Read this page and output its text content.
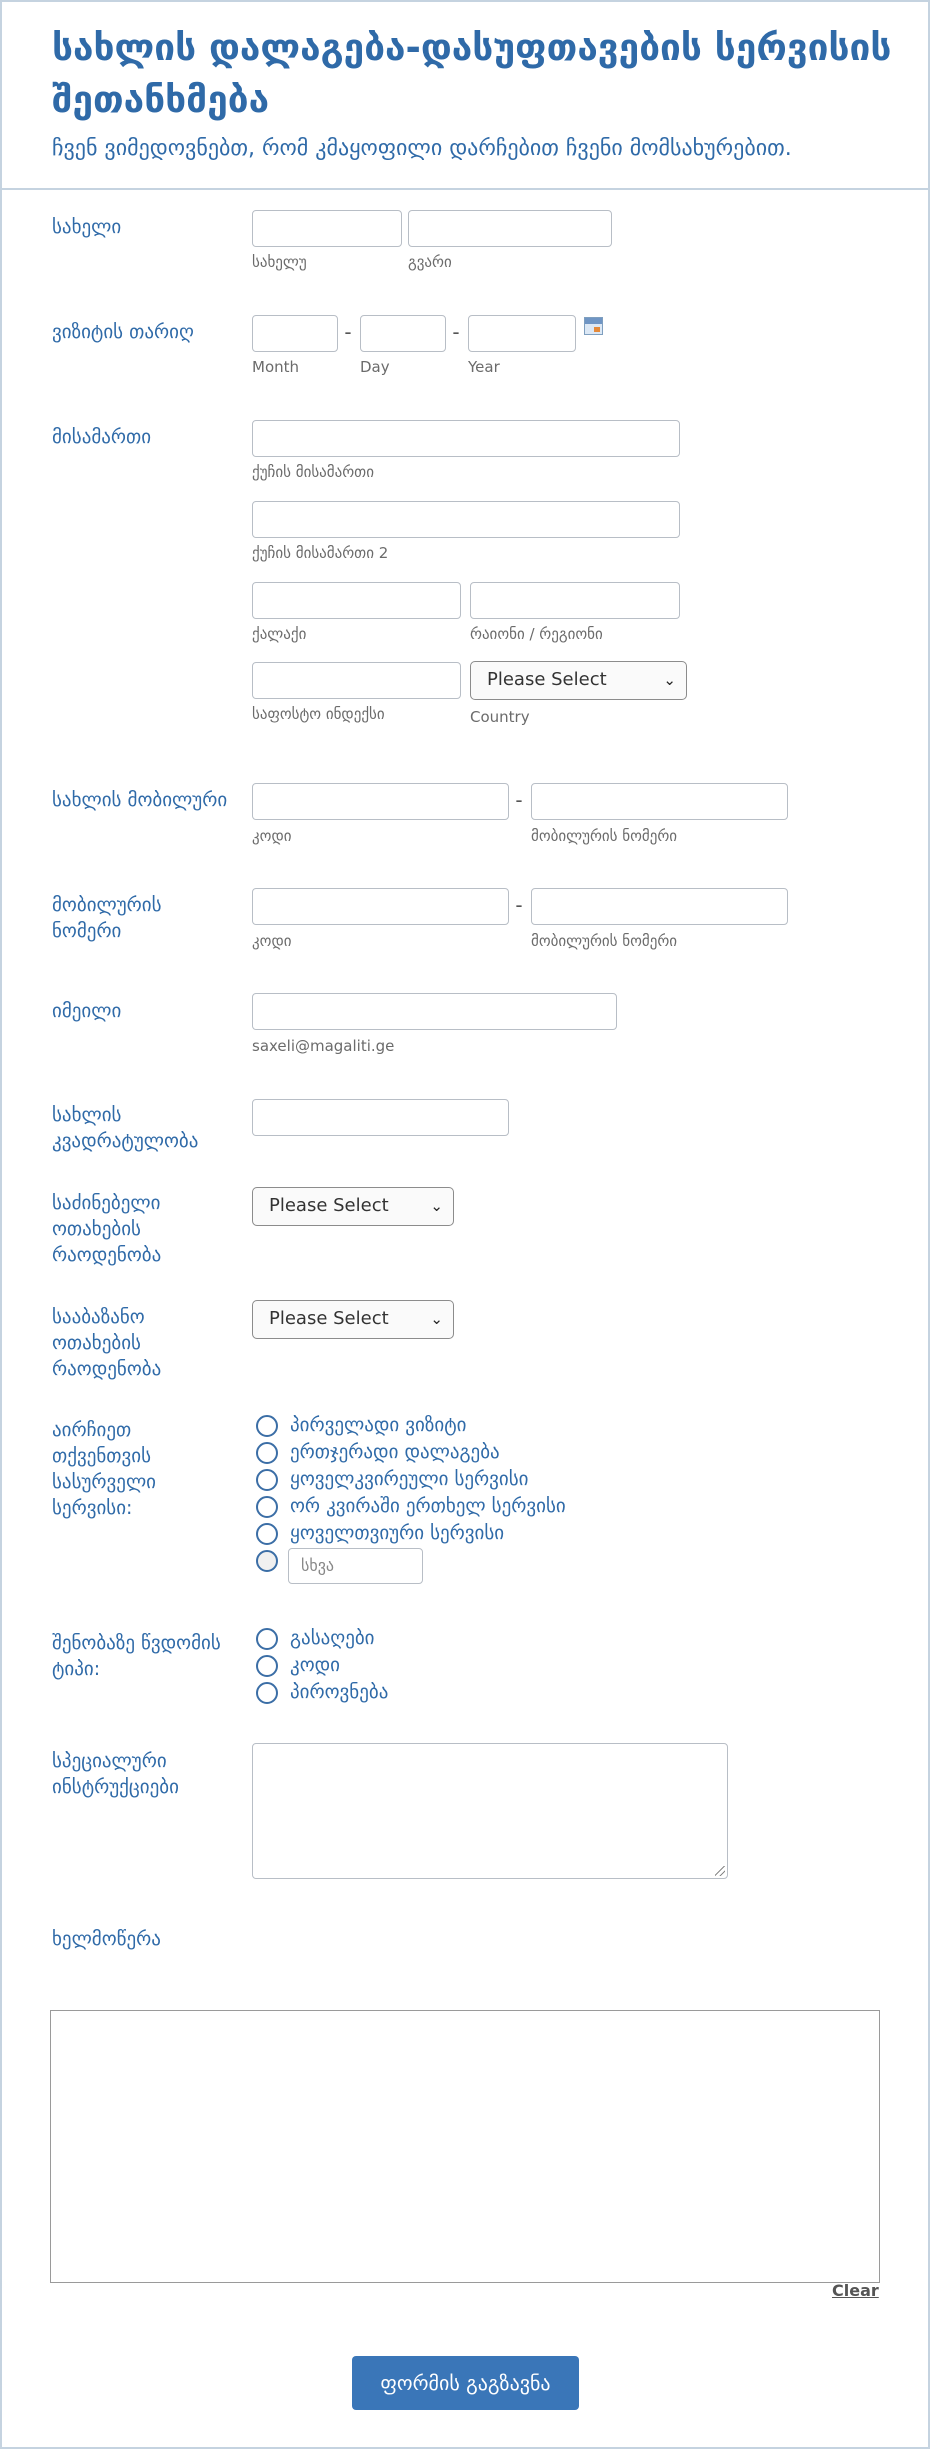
სახლის დალაგება-დასუფთავების სერვისის შეთანხმება
ჩვენ ვიმედოვნებთ, რომ კმაყოფილი დარჩებით ჩვენი მომსახურებით.
სახელი
სახელუ	გვარი
ვიზიტის თარიღ	-	-
Month	Day	Year
მისამართი
ქუჩის მისამართი
ქუჩის მისამართი 2
ქალაქი	რაიონი / რეგიონი
საფოსტო ინდექსი
Please Select	⌄
Country
სახლის მობილური	-
კოდი	მობილურის ნომერი
მობილურის ნომერი
-
კოდი	მობილურის ნომერი
იმეილი
saxeli@magaliti.ge
სახლის კვადრატულობა
საძინებელი ოთახების რაოდენობა
Please Select	⌄
სააბაზანო ოთახების რაოდენობა
Please Select	⌄
აირჩიეთ თქვენთვის სასურველი სერვისი:
პირველადი ვიზიტი
ერთჯერადი დალაგება
ყოველკვირეული სერვისი
ორ კვირაში ერთხელ სერვისი
ყოველთვიური სერვისი
სხვა
შენობაზე წვდომის ტიპი:
გასაღები
კოდი
პიროვნება
სპეციალური ინსტრუქციები
ხელმოწერა
Clear
ფორმის გაგზავნა
